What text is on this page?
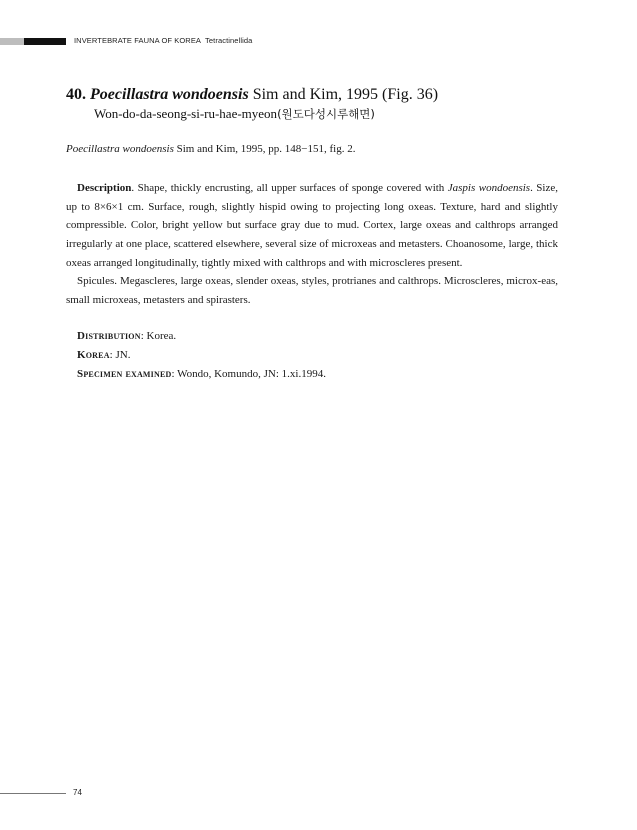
INVERTEBRATE FAUNA OF KOREA Tetractinellida
40. Poecillastra wondoensis Sim and Kim, 1995 (Fig. 36)
Won-do-da-seong-si-ru-hae-myeon(원도다성시루해면)
Poecillastra wondoensis Sim and Kim, 1995, pp. 148−151, fig. 2.

Description. Shape, thickly encrusting, all upper surfaces of sponge covered with Jaspis wondoensis. Size, up to 8×6×1 cm. Surface, rough, slightly hispid owing to projecting long oxeas. Texture, hard and slightly compressible. Color, bright yellow but surface gray due to mud. Cortex, large oxeas and calthrops arranged irregularly at one place, scattered elsewhere, several size of microxeas and metasters. Choanosome, large, thick oxeas arranged longitudinally, tightly mixed with calthrops and with microscleres present.

Spicules. Megascleres, large oxeas, slender oxeas, styles, protrianes and calthrops. Microscleres, microx-eas, small microxeas, metasters and spirasters.

Distribution: Korea.
Korea: JN.
Specimen examined: Wondo, Komundo, JN: 1.xi.1994.
74
